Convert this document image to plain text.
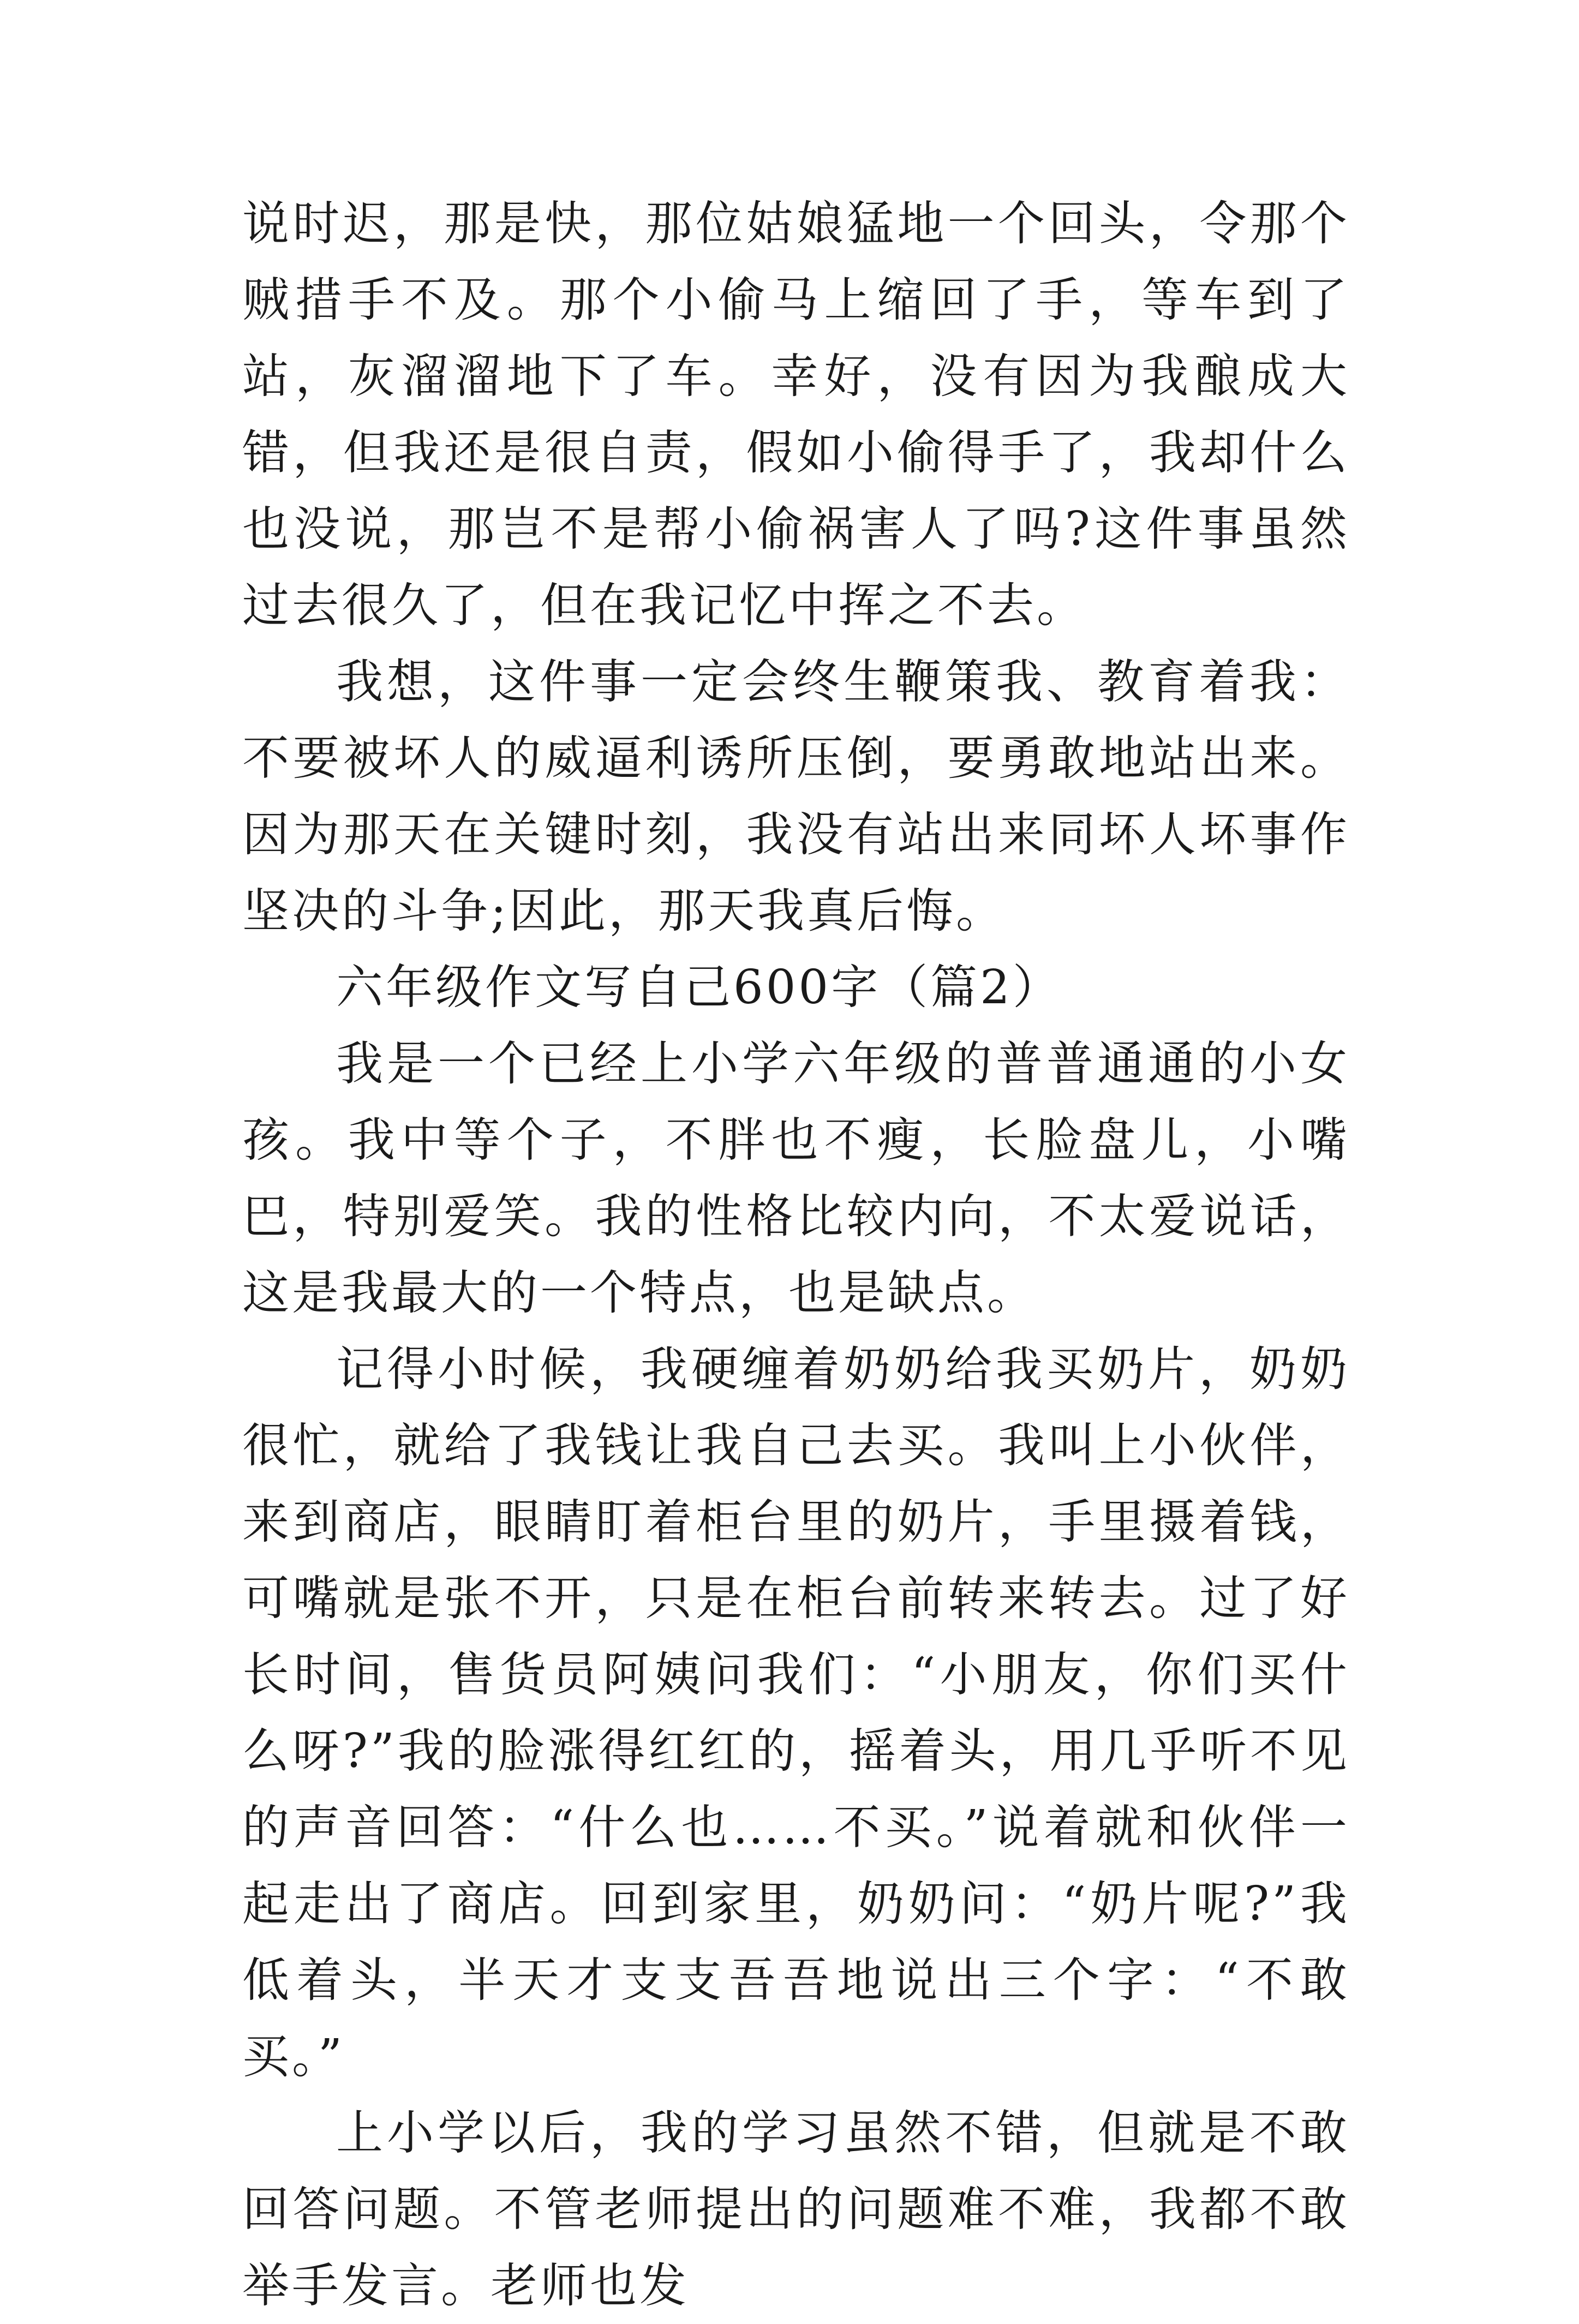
说时迟，那是快，那位姑娘猛地一个回头，令那个贼措手不及。那个小偷马上缩回了手，等车到了站，灰溜溜地下了车。幸好，没有因为我酿成大错，但我还是很自责，假如小偷得手了，我却什么也没说，那岂不是帮小偷祸害人了吗?这件事虽然过去很久了，但在我记忆中挥之不去。

我想，这件事一定会终生鞭策我、教育着我：不要被坏人的威逼利诱所压倒，要勇敢地站出来。因为那天在关键时刻，我没有站出来同坏人坏事作坚决的斗争;因此，那天我真后悔。

六年级作文写自己600字（篇2）

我是一个已经上小学六年级的普普通通的小女孩。我中等个子，不胖也不瘦，长脸盘儿，小嘴巴，特别爱笑。我的性格比较内向，不太爱说话，这是我最大的一个特点，也是缺点。

记得小时候，我硬缠着奶奶给我买奶片，奶奶很忙，就给了我钱让我自己去买。我叫上小伙伴，来到商店，眼睛盯着柜台里的奶片，手里摄着钱，可嘴就是张不开，只是在柜台前转来转去。过了好长时间，售货员阿姨问我们：“小朋友，你们买什么呀?”我的脸涨得红红的，摇着头，用几乎听不见的声音回答：“什么也……不买。”说着就和伙伴一起走出了商店。回到家里，奶奶问：“奶片呢?”我低着头，半天才支支吾吾地说出三个字：“不敢买。”

上小学以后，我的学习虽然不错，但就是不敢回答问题。不管老师提出的问题难不难，我都不敢举手发言。老师也发
